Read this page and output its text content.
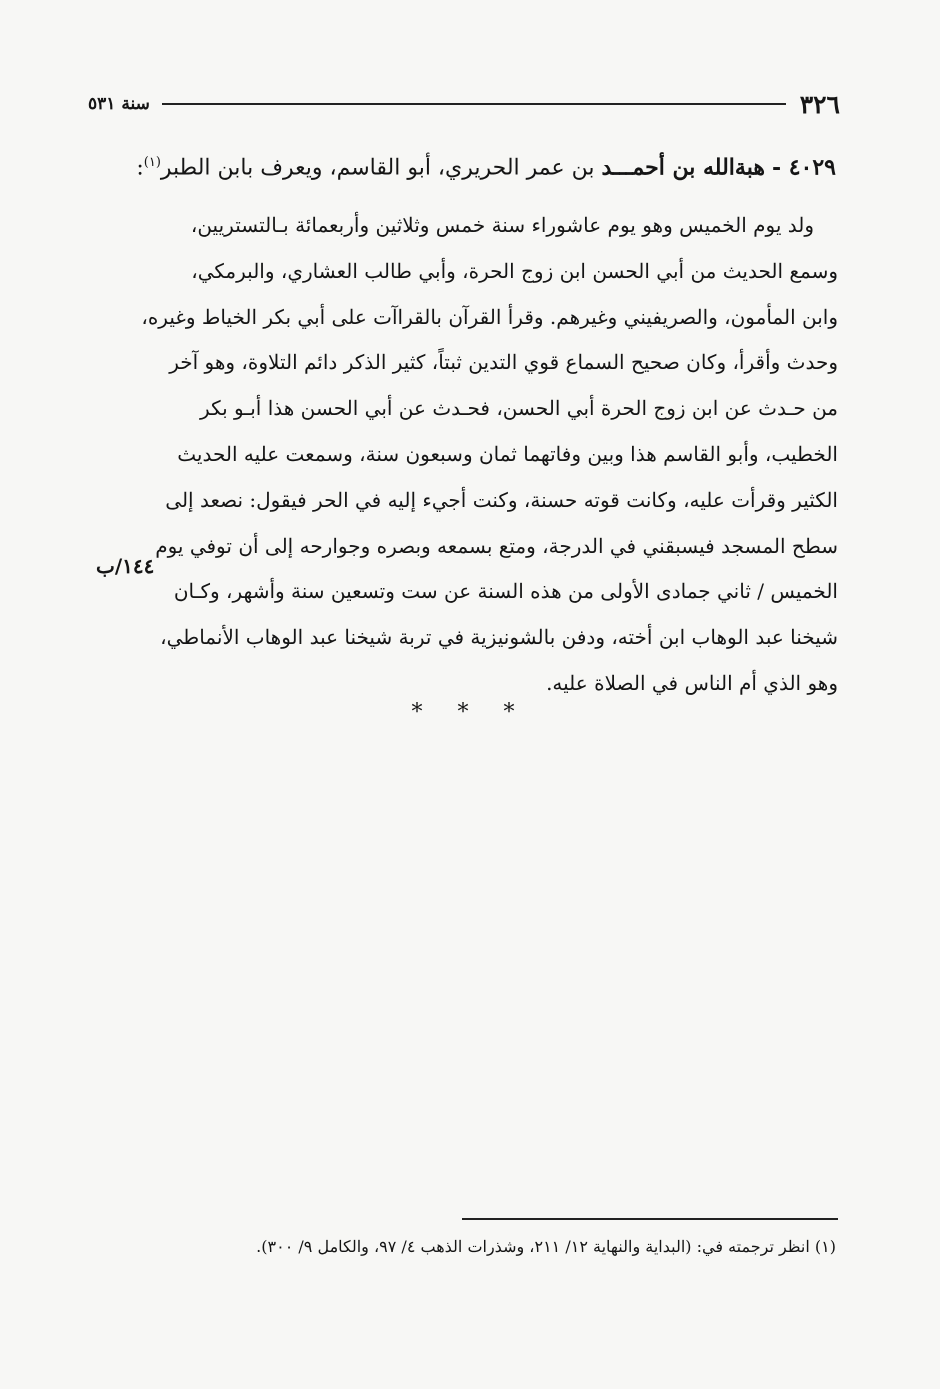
٣٢٦
سنة ٥٣١
٤٠٢٩ - هبةالله بن أحمـــد بن عمر الحريري، أبو القاسم، ويعرف بابن الطبر$^{(١)}$:
ولد يوم الخميس وهو يوم عاشوراء سنة خمس وثلاثين وأربعمائة بـالتستريين،
وسمع الحديث من أبي الحسن ابن زوج الحرة، وأبي طالب العشاري، والبرمكي،
وابن المأمون، والصريفيني وغيرهم. وقرأ القرآن بالقراآت على أبي بكر الخياط وغيره،
وحدث وأقرأ، وكان صحيح السماع قوي التدين ثبتاً، كثير الذكر دائم التلاوة، وهو آخر
من حـدث عن ابن زوج الحرة أبي الحسن، فحـدث عن أبي الحسن هذا أبـو بكر
الخطيب، وأبو القاسم هذا وبين وفاتهما ثمان وسبعون سنة، وسمعت عليه الحديث
الكثير وقرأت عليه، وكانت قوته حسنة، وكنت أجيء إليه في الحر فيقول: نصعد إلى
سطح المسجد فيسبقني في الدرجة، ومتع بسمعه وبصره وجوارحه إلى أن توفي يوم
الخميس / ثاني جمادى الأولى من هذه السنة عن ست وتسعين سنة وأشهر، وكـان
شيخنا عبد الوهاب ابن أخته، ودفن بالشونيزية في تربة شيخنا عبد الوهاب الأنماطي،
وهو الذي أم الناس في الصلاة عليه.
١٤٤/ب
* * *
(١) انظر ترجمته في: (البداية والنهاية ١٢/ ٢١١، وشذرات الذهب ٤/ ٩٧، والكامل ٩/ ٣٠٠).
